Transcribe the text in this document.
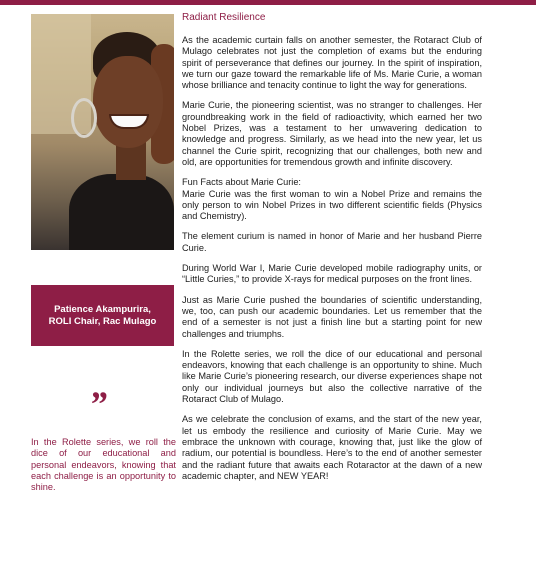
Patience Akampurira,
ROLI Chair, Rac Mulago
”
In the Rolette series, we roll the dice of our educational and personal endeavors, knowing that each challenge is an opportunity to shine.
Radiant Resilience

As the academic curtain falls on another semester, the Rotaract Club of Mulago celebrates not just the completion of exams but the enduring spirit of perseverance that defines our journey. In the spirit of inspiration, we turn our gaze toward the remarkable life of Ms. Marie Curie, a woman whose brilliance and tenacity continue to light the way for generations.

Marie Curie, the pioneering scientist, was no stranger to challenges. Her groundbreaking work in the field of radioactivity, which earned her two Nobel Prizes, was a testament to her unwavering dedication to knowledge and progress. Similarly, as we head into the new year, let us channel the Curie spirit, recognizing that our challenges, both new and old, are opportunities for tremendous growth and infinite discovery.

Fun Facts about Marie Curie:

Marie Curie was the first woman to win a Nobel Prize and remains the only person to win Nobel Prizes in two different scientific fields (Physics and Chemistry).

The element curium is named in honor of Marie and her husband Pierre Curie.

During World War I, Marie Curie developed mobile radiography units, or “Little Curies,” to provide X-rays for medical purposes on the front lines.

Just as Marie Curie pushed the boundaries of scientific understanding, we, too, can push our academic boundaries. Let us remember that the end of a semester is not just a finish line but a starting point for new challenges and triumphs.

In the Rolette series, we roll the dice of our educational and personal endeavors, knowing that each challenge is an opportunity to shine. Much like Marie Curie’s pioneering research, our diverse experiences shape not only our individual journeys but also the collective narrative of the Rotaract Club of Mulago.

As we celebrate the conclusion of exams, and the start of the new year, let us embody the resilience and curiosity of Marie Curie. May we embrace the unknown with courage, knowing that, just like the glow of radium, our potential is boundless. Here’s to the end of another semester and the radiant future that awaits each Rotaractor at the dawn of a new academic chapter, and NEW YEAR!
